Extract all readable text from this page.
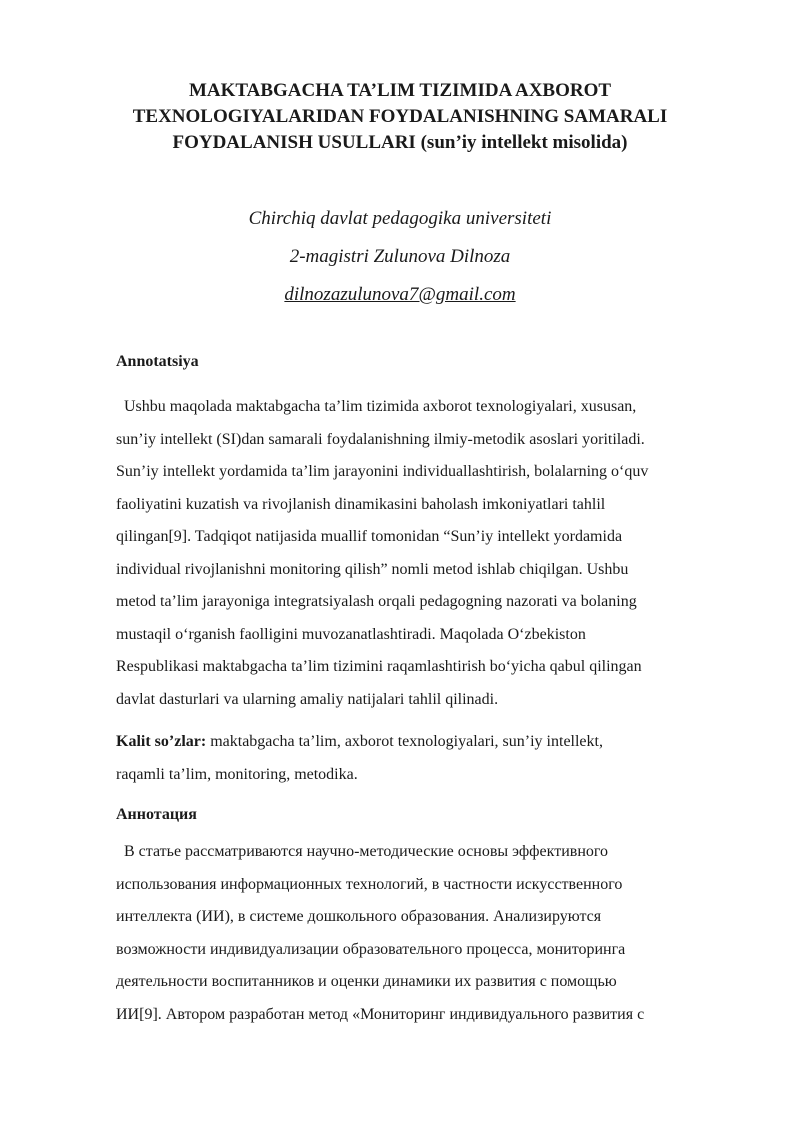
MAKTABGACHA TA’LIM TIZIMIDA AXBOROT
TEXNOLOGIYALARIDAN FOYDALANISHNING SAMARALI
FOYDALANISH USULLARI (sun’iy intellekt misolida)
Chirchiq davlat pedagogika universiteti
2-magistri Zulunova Dilnoza
dilnozazulunova7@gmail.com
Annotatsiya
Ushbu maqolada maktabgacha ta’lim tizimida axborot texnologiyalari, xususan,
sun’iy intellekt (SI)dan samarali foydalanishning ilmiy-metodik asoslari yoritiladi.
Sun’iy intellekt yordamida ta’lim jarayonini individuallashtirish, bolalarning o‘quv
faoliyatini kuzatish va rivojlanish dinamikasini baholash imkoniyatlari tahlil
qilingan[9]. Tadqiqot natijasida muallif tomonidan “Sun’iy intellekt yordamida
individual rivojlanishni monitoring qilish” nomli metod ishlab chiqilgan. Ushbu
metod ta’lim jarayoniga integratsiyalash orqali pedagogning nazorati va bolaning
mustaqil o‘rganish faolligini muvozanatlashtiradi. Maqolada O‘zbekiston
Respublikasi maktabgacha ta’lim tizimini raqamlashtirish bo‘yicha qabul qilingan
davlat dasturlari va ularning amaliy natijalari tahlil qilinadi.
Kalit so’zlar: maktabgacha ta’lim, axborot texnologiyalari, sun’iy intellekt,
raqamli ta’lim, monitoring, metodika.
Аннотация
В статье рассматриваются научно-методические основы эффективного
использования информационных технологий, в частности искусственного
интеллекта (ИИ), в системе дошкольного образования. Анализируются
возможности индивидуализации образовательного процесса, мониторинга
деятельности воспитанников и оценки динамики их развития с помощью
ИИ[9]. Автором разработан метод «Мониторинг индивидуального развития с
